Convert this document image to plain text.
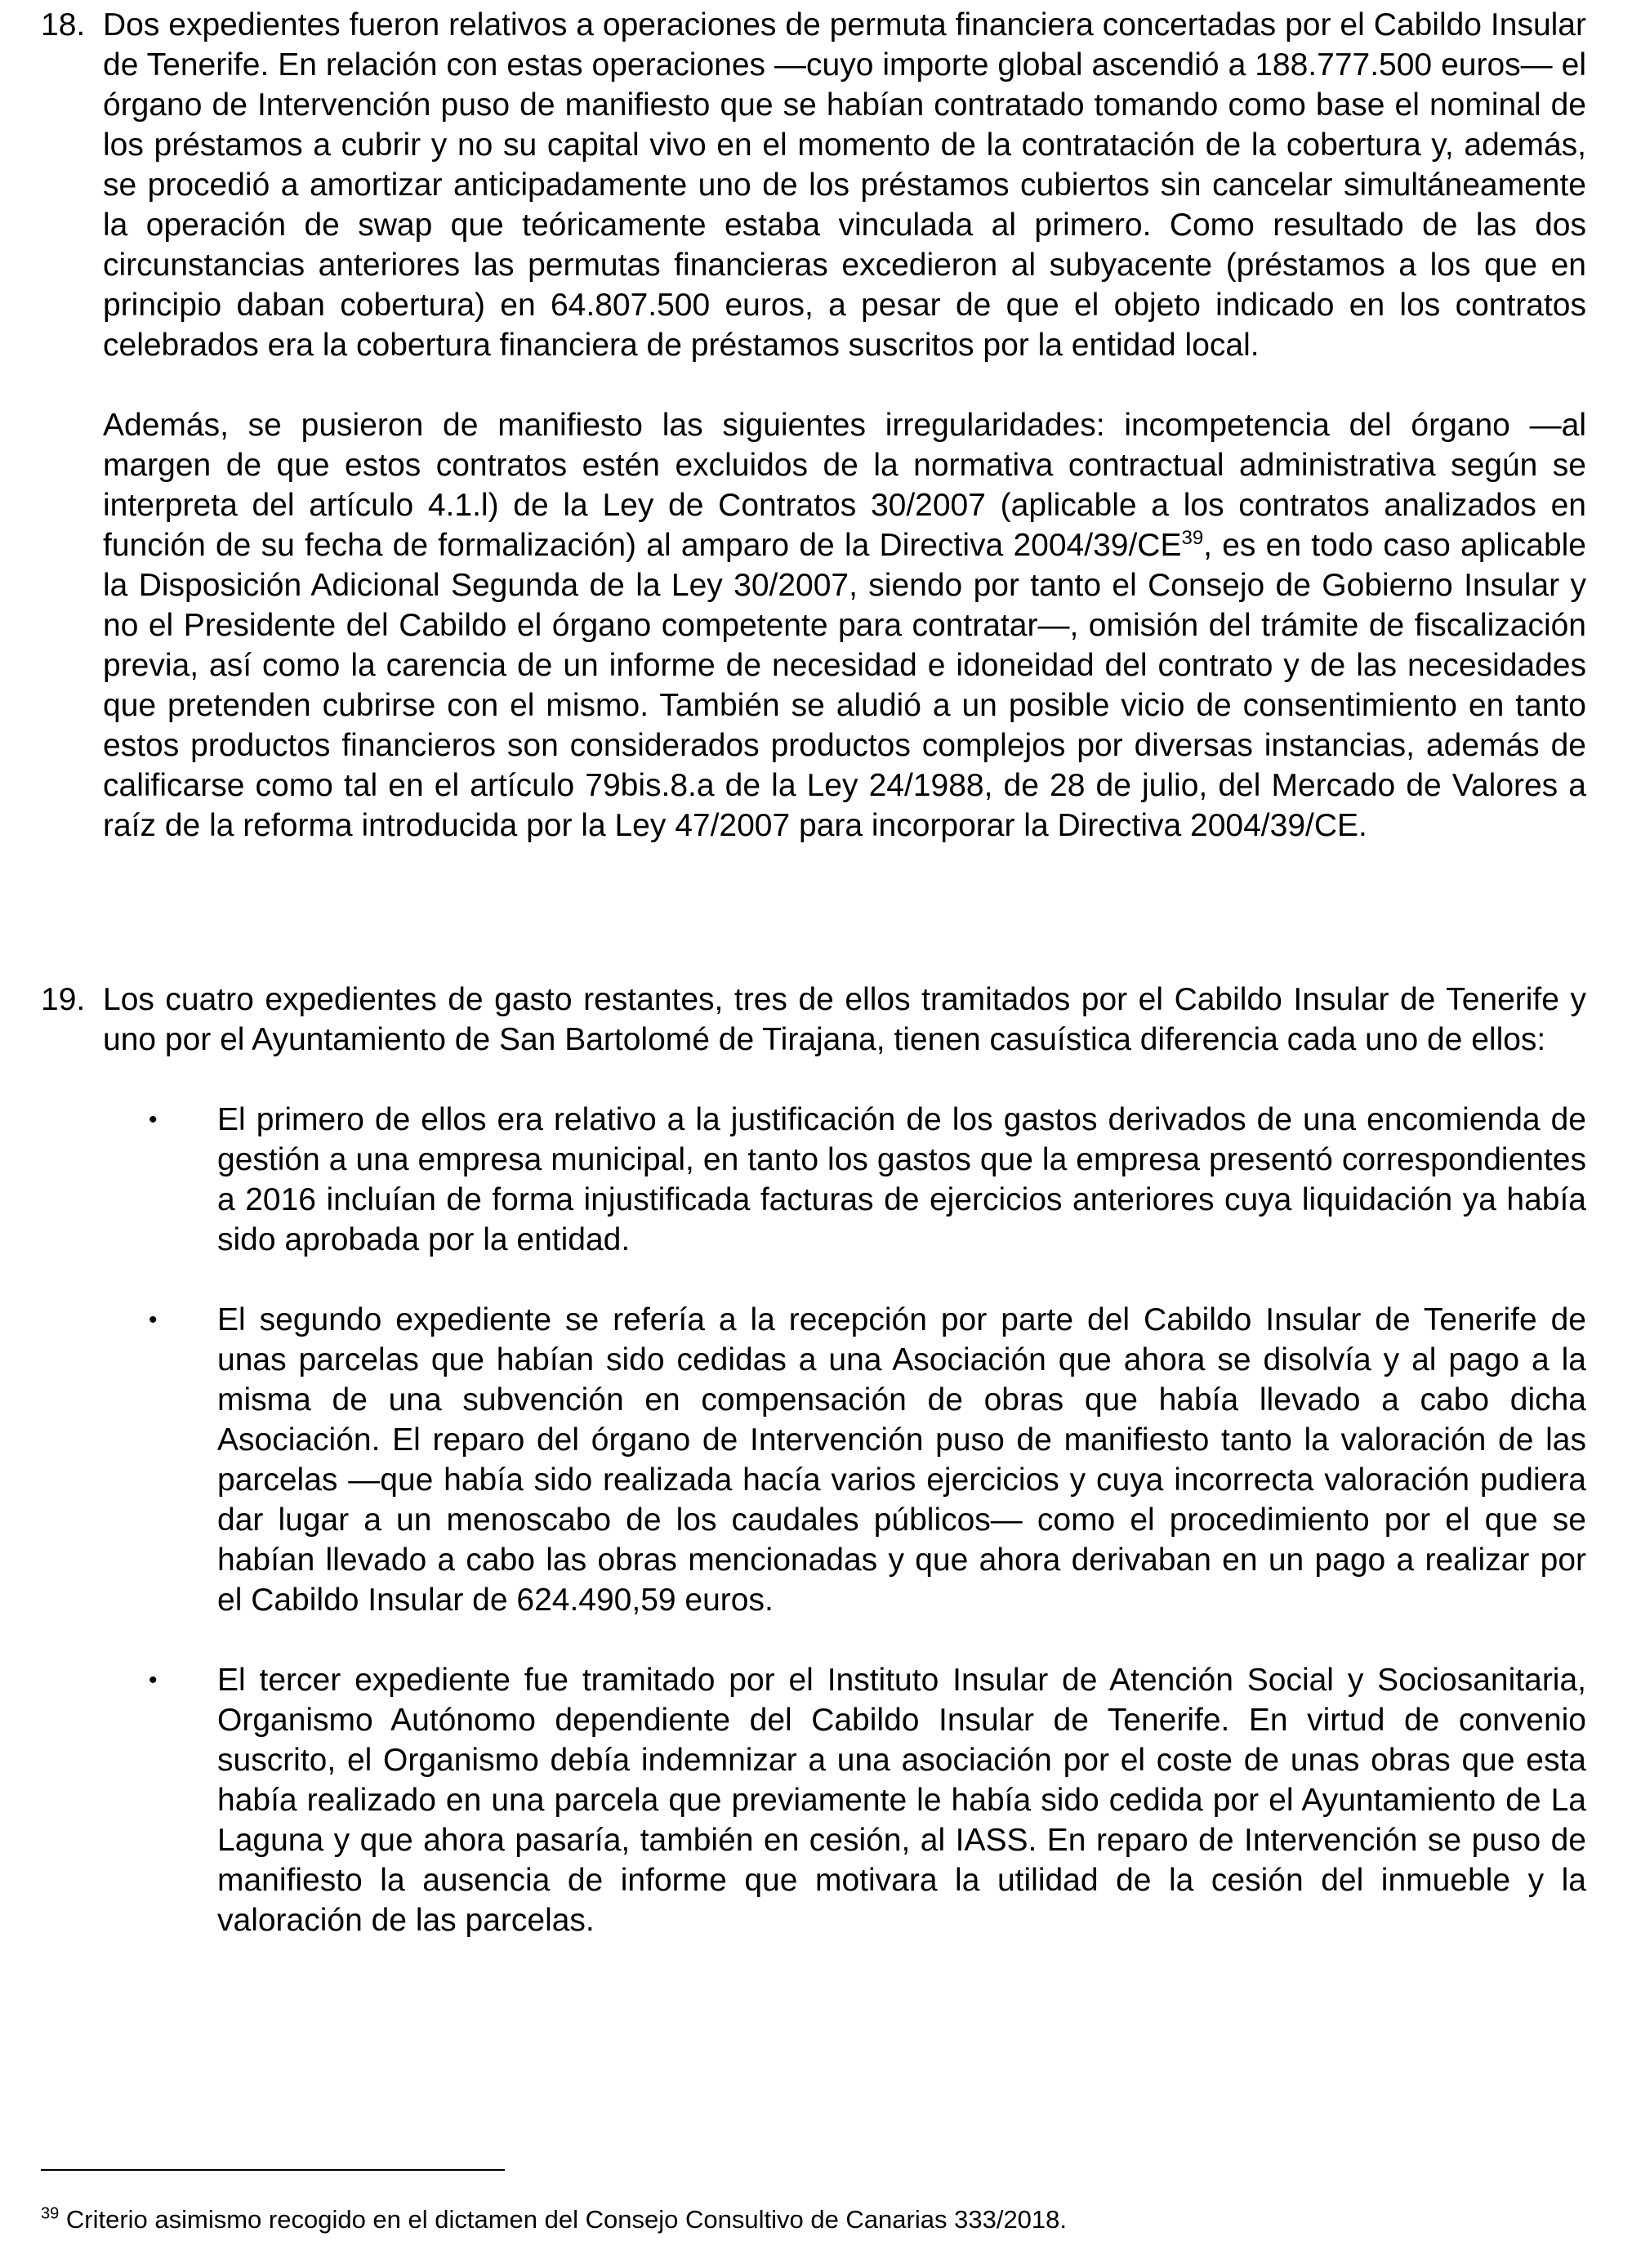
18. Dos expedientes fueron relativos a operaciones de permuta financiera concertadas por el Cabildo Insular de Tenerife. En relación con estas operaciones —cuyo importe global ascendió a 188.777.500 euros— el órgano de Intervención puso de manifiesto que se habían contratado tomando como base el nominal de los préstamos a cubrir y no su capital vivo en el momento de la contratación de la cobertura y, además, se procedió a amortizar anticipadamente uno de los préstamos cubiertos sin cancelar simultáneamente la operación de swap que teóricamente estaba vinculada al primero. Como resultado de las dos circunstancias anteriores las permutas financieras excedieron al subyacente (préstamos a los que en principio daban cobertura) en 64.807.500 euros, a pesar de que el objeto indicado en los contratos celebrados era la cobertura financiera de préstamos suscritos por la entidad local.

Además, se pusieron de manifiesto las siguientes irregularidades: incompetencia del órgano —al margen de que estos contratos estén excluidos de la normativa contractual administrativa según se interpreta del artículo 4.1.l) de la Ley de Contratos 30/2007 (aplicable a los contratos analizados en función de su fecha de formalización) al amparo de la Directiva 2004/39/CE$^{39}$, es en todo caso aplicable la Disposición Adicional Segunda de la Ley 30/2007, siendo por tanto el Consejo de Gobierno Insular y no el Presidente del Cabildo el órgano competente para contratar—, omisión del trámite de fiscalización previa, así como la carencia de un informe de necesidad e idoneidad del contrato y de las necesidades que pretenden cubrirse con el mismo. También se aludió a un posible vicio de consentimiento en tanto estos productos financieros son considerados productos complejos por diversas instancias, además de calificarse como tal en el artículo 79bis.8.a de la Ley 24/1988, de 28 de julio, del Mercado de Valores a raíz de la reforma introducida por la Ley 47/2007 para incorporar la Directiva 2004/39/CE.

19. Los cuatro expedientes de gasto restantes, tres de ellos tramitados por el Cabildo Insular de Tenerife y uno por el Ayuntamiento de San Bartolomé de Tirajana, tienen casuística diferencia cada uno de ellos:

• El primero de ellos era relativo a la justificación de los gastos derivados de una encomienda de gestión a una empresa municipal, en tanto los gastos que la empresa presentó correspondientes a 2016 incluían de forma injustificada facturas de ejercicios anteriores cuya liquidación ya había sido aprobada por la entidad.
• El segundo expediente se refería a la recepción por parte del Cabildo Insular de Tenerife de unas parcelas que habían sido cedidas a una Asociación que ahora se disolvía y al pago a la misma de una subvención en compensación de obras que había llevado a cabo dicha Asociación. El reparo del órgano de Intervención puso de manifiesto tanto la valoración de las parcelas —que había sido realizada hacía varios ejercicios y cuya incorrecta valoración pudiera dar lugar a un menoscabo de los caudales públicos— como el procedimiento por el que se habían llevado a cabo las obras mencionadas y que ahora derivaban en un pago a realizar por el Cabildo Insular de 624.490,59 euros.
• El tercer expediente fue tramitado por el Instituto Insular de Atención Social y Sociosanitaria, Organismo Autónomo dependiente del Cabildo Insular de Tenerife. En virtud de convenio suscrito, el Organismo debía indemnizar a una asociación por el coste de unas obras que esta había realizado en una parcela que previamente le había sido cedida por el Ayuntamiento de La Laguna y que ahora pasaría, también en cesión, al IASS. En reparo de Intervención se puso de manifiesto la ausencia de informe que motivara la utilidad de la cesión del inmueble y la valoración de las parcelas.
$^{39}$ Criterio asimismo recogido en el dictamen del Consejo Consultivo de Canarias 333/2018.
